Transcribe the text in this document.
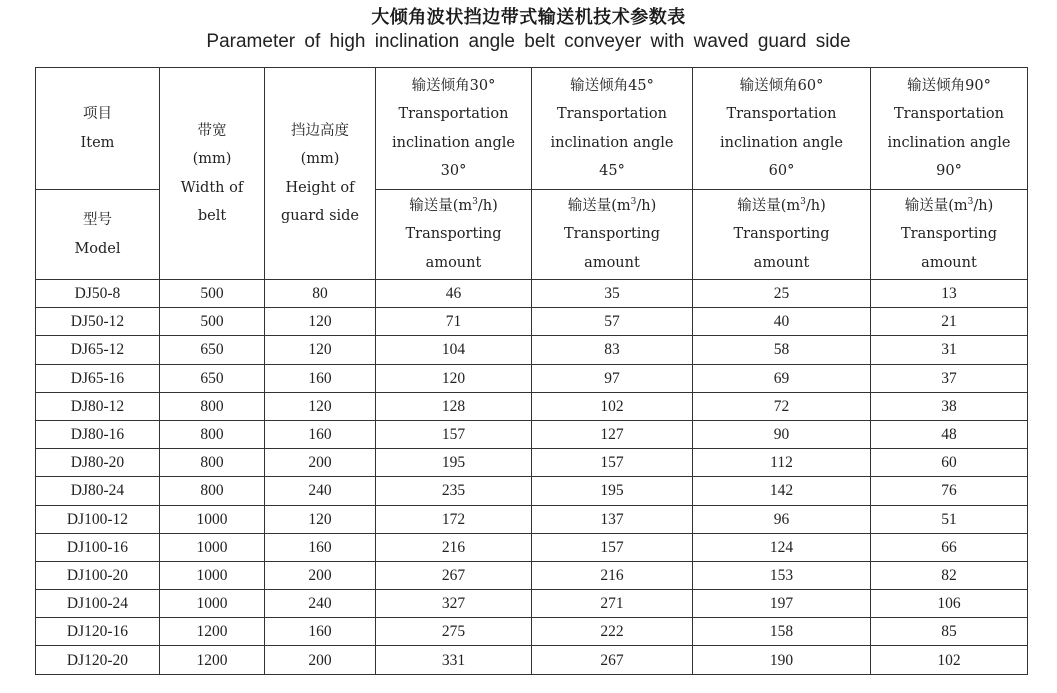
大倾角波状挡边带式输送机技术参数表
Parameter of high inclination angle belt conveyer with waved guard side
项目
Item	带宽
(mm)
Width of
belt	挡边高度
(mm)
Height of
guard side	输送倾角30°
Transportation
inclination angle
30°	输送倾角45°
Transportation
inclination angle
45°	输送倾角60°
Transportation
inclination angle
60°	输送倾角90°
Transportation
inclination angle
90°

型号
Model			输送量$(m^3/h)$
Transporting
amount	输送量$(m^3/h)$
Transporting
amount	输送量$(m^3/h)$
Transporting
amount	输送量$(m^3/h)$
Transporting
amount

DJ50-8	500	80	46	35	25	13
DJ50-12	500	120	71	57	40	21
DJ65-12	650	120	104	83	58	31
DJ65-16	650	160	120	97	69	37
DJ80-12	800	120	128	102	72	38
DJ80-16	800	160	157	127	90	48
DJ80-20	800	200	195	157	112	60
DJ80-24	800	240	235	195	142	76
DJ100-12	1000	120	172	137	96	51
DJ100-16	1000	160	216	157	124	66
DJ100-20	1000	200	267	216	153	82
DJ100-24	1000	240	327	271	197	106
DJ120-16	1200	160	275	222	158	85
DJ120-20	1200	200	331	267	190	102
